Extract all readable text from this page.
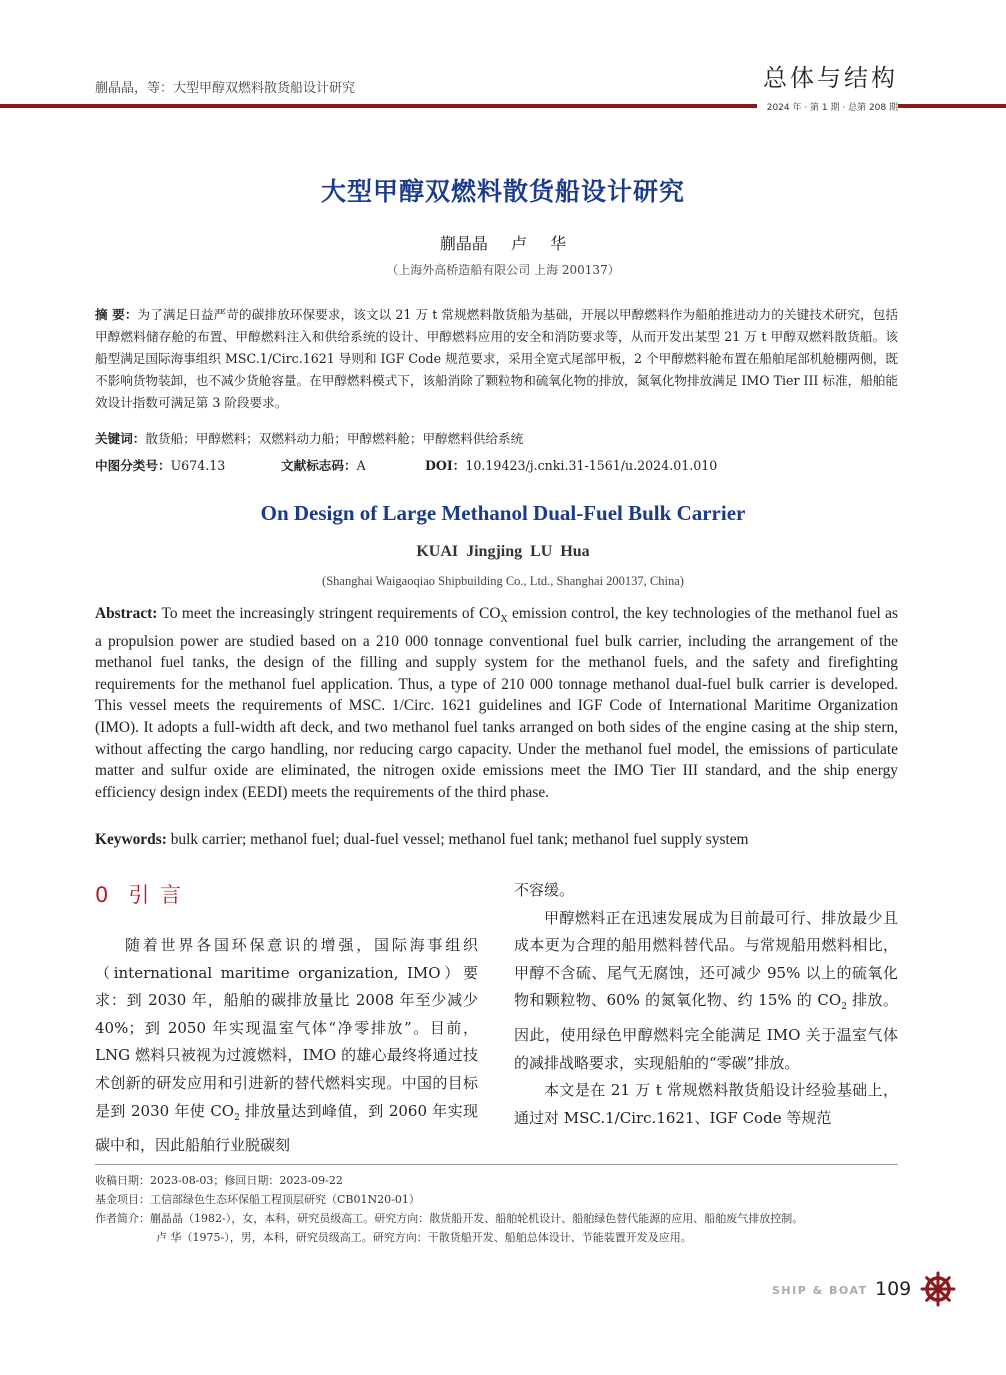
蒯晶晶，等：大型甲醇双燃料散货船设计研究	总体与结构
2024 年 · 第 1 期 · 总第 208 期
大型甲醇双燃料散货船设计研究
蒯晶晶 卢 华
（上海外高桥造船有限公司 上海 200137）
摘 要：为了满足日益严苛的碳排放环保要求，该文以 21 万 t 常规燃料散货船为基础，开展以甲醇燃料作为船舶推进动力的关键技术研究，包括甲醇燃料储存舱的布置、甲醇燃料注入和供给系统的设计、甲醇燃料应用的安全和消防要求等，从而开发出某型 21 万 t 甲醇双燃料散货船。该船型满足国际海事组织 MSC.1/Circ.1621 导则和 IGF Code 规范要求，采用全宽式尾部甲板，2 个甲醇燃料舱布置在船舶尾部机舱棚两侧，既不影响货物装卸，也不减少货舱容量。在甲醇燃料模式下，该船消除了颗粒物和硫氧化物的排放，氮氧化物排放满足 IMO Tier III 标准，船舶能效设计指数可满足第 3 阶段要求。
关键词：散货船；甲醇燃料；双燃料动力船；甲醇燃料舱；甲醇燃料供给系统
中图分类号：U674.13	文献标志码：A	DOI：10.19423/j.cnki.31-1561/u.2024.01.010
On Design of Large Methanol Dual-Fuel Bulk Carrier
KUAI Jingjing LU Hua
(Shanghai Waigaoqiao Shipbuilding Co., Ltd., Shanghai 200137, China)
Abstract: To meet the increasingly stringent requirements of $CO_X$ emission control, the key technologies of the methanol fuel as a propulsion power are studied based on a 210 000 tonnage conventional fuel bulk carrier, including the arrangement of the methanol fuel tanks, the design of the filling and supply system for the methanol fuels, and the safety and firefighting requirements for the methanol fuel application. Thus, a type of 210 000 tonnage methanol dual-fuel bulk carrier is developed. This vessel meets the requirements of MSC. 1/Circ. 1621 guidelines and IGF Code of International Maritime Organization (IMO). It adopts a full-width aft deck, and two methanol fuel tanks arranged on both sides of the engine casing at the ship stern, without affecting the cargo handling, nor reducing cargo capacity. Under the methanol fuel model, the emissions of particulate matter and sulfur oxide are eliminated, the nitrogen oxide emissions meet the IMO Tier III standard, and the ship energy efficiency design index (EEDI) meets the requirements of the third phase.
Keywords: bulk carrier; methanol fuel; dual-fuel vessel; methanol fuel tank; methanol fuel supply system
0 引 言

随着世界各国环保意识的增强，国际海事组织（international maritime organization, IMO）要求：到 2030 年，船舶的碳排放量比 2008 年至少减少 40%；到 2050 年实现温室气体“净零排放”。目前，LNG 燃料只被视为过渡燃料，IMO 的雄心最终将通过技术创新的研发应用和引进新的替代燃料实现。中国的目标是到 2030 年使 $CO_2$ 排放量达到峰值，到 2060 年实现碳中和，因此船舶行业脱碳刻

不容缓。

甲醇燃料正在迅速发展成为目前最可行、排放最少且成本更为合理的船用燃料替代品。与常规船用燃料相比，甲醇不含硫、尾气无腐蚀，还可减少 95% 以上的硫氧化物和颗粒物、60% 的氮氧化物、约 15% 的 $CO_2$ 排放。因此，使用绿色甲醇燃料完全能满足 IMO 关于温室气体的减排战略要求，实现船舶的“零碳”排放。

本文是在 21 万 t 常规燃料散货船设计经验基础上，通过对 MSC.1/Circ.1621、IGF Code 等规范

收稿日期：2023-08-03；修回日期：2023-09-22
基金项目：工信部绿色生态环保船工程顶层研究（CB01N20-01）
作者简介：蒯晶晶（1982-），女，本科，研究员级高工。研究方向：散货船开发、船舶轮机设计、船舶绿色替代能源的应用、船舶废气排放控制。
卢 华（1975-），男，本科，研究员级高工。研究方向：干散货船开发、船舶总体设计、节能装置开发及应用。
SHIP & BOAT 109
